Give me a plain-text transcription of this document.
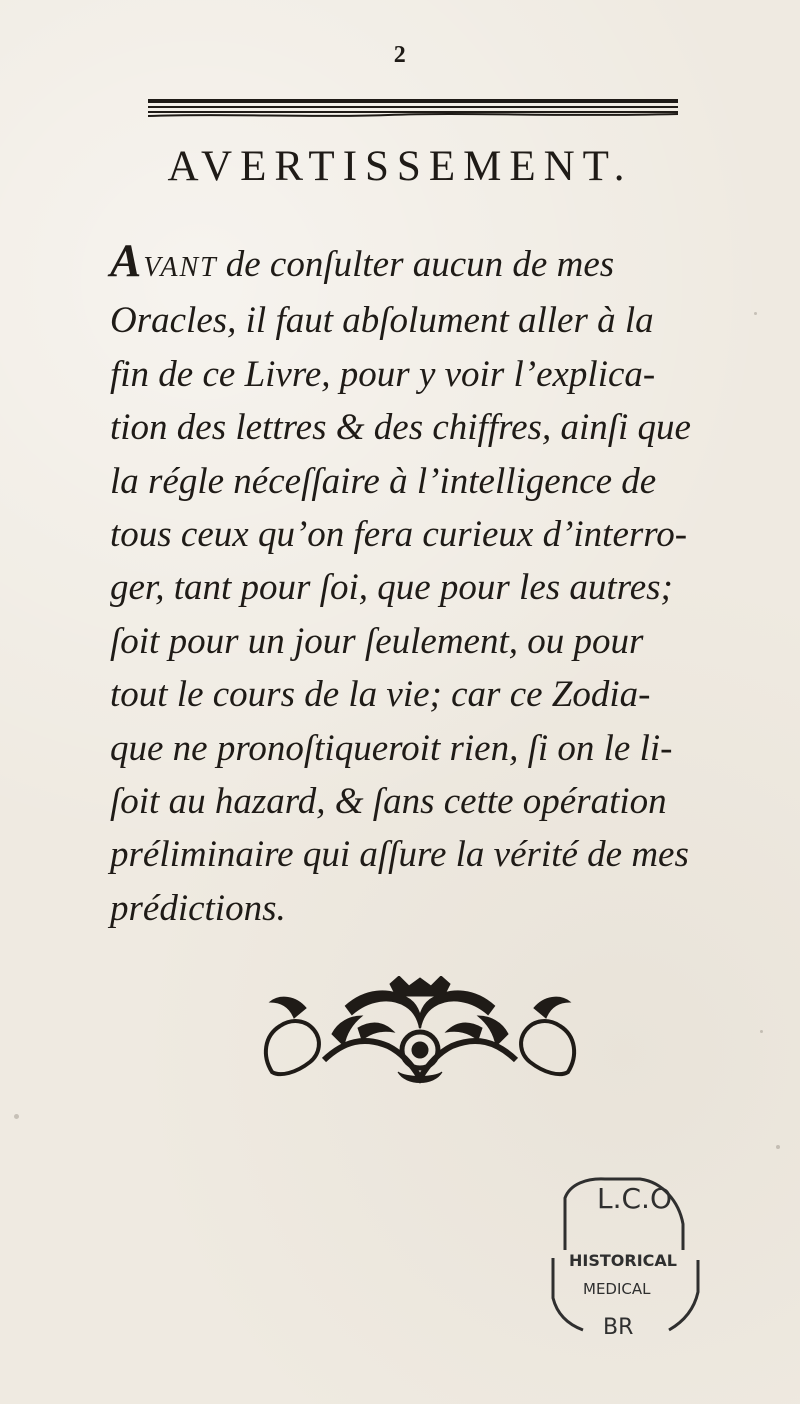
2
AVERTISSEMENT.
AVANT de conſulter aucun de mes
Oracles, il faut abſolument aller à la
fin de ce Livre, pour y voir l’explica-
tion des lettres & des chiffres, ainſi que
la régle néceſſaire à l’intelligence de
tous ceux qu’on fera curieux d’interro-
ger, tant pour ſoi, que pour les autres;
ſoit pour un jour ſeulement, ou pour
tout le cours de la vie; car ce Zodia-
que ne pronoſtiqueroit rien, ſi on le li-
ſoit au hazard, & ſans cette opération
préliminaire qui aſſure la vérité de mes
prédictions.
L.C.O
HISTORICAL
MEDICAL
BR
